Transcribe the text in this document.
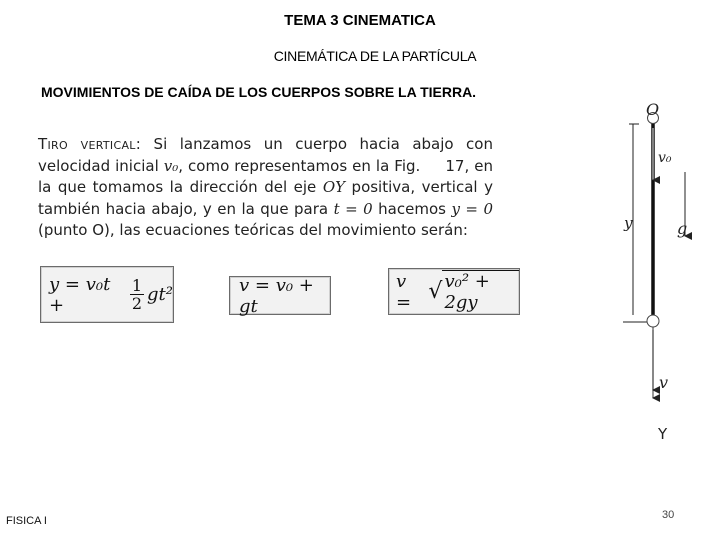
TEMA 3 CINEMATICA
CINEMÁTICA DE LA PARTÍCULA
MOVIMIENTOS DE CAÍDA DE LOS CUERPOS SOBRE LA TIERRA.

Tiro vertical: Si lanzamos un cuerpo hacia abajo con velocidad inicial v₀, como representamos en la Fig. 17, en la que tomamos la dirección del eje OY positiva, vertical y también hacia abajo, y en la que para t = 0 hacemos y = 0 (punto O), las ecuaciones teóricas del movimiento serán:

y = v₀t +	$\frac{1}{2} gt^2$	v = v₀ + gt
v =
√ v₀² + 2gy
O
v₀
y	g
v
Y
FISICA I	30
